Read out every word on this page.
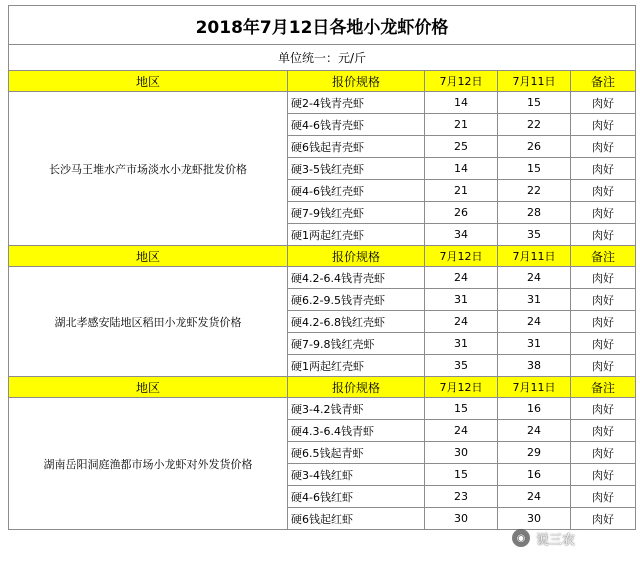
2018年7月12日各地小龙虾价格				
单位统一：元/斤				
地区	报价规格	7月12日	7月11日	备注
长沙马王堆水产市场淡水小龙虾批发价格	硬2-4钱青壳虾	14	15	肉好
	硬4-6钱青壳虾	21	22	肉好
	硬6钱起青壳虾	25	26	肉好
	硬3-5钱红壳虾	14	15	肉好
	硬4-6钱红壳虾	21	22	肉好
	硬7-9钱红壳虾	26	28	肉好
	硬1两起红壳虾	34	35	肉好
地区	报价规格	7月12日	7月11日	备注
湖北孝感安陆地区稻田小龙虾发货价格	硬4.2-6.4钱青壳虾	24	24	肉好
	硬6.2-9.5钱青壳虾	31	31	肉好
	硬4.2-6.8钱红壳虾	24	24	肉好
	硬7-9.8钱红壳虾	31	31	肉好
	硬1两起红壳虾	35	38	肉好
地区	报价规格	7月12日	7月11日	备注
湖南岳阳洞庭渔都市场小龙虾对外发货价格	硬3-4.2钱青虾	15	16	肉好
	硬4.3-6.4钱青虾	24	24	肉好
	硬6.5钱起青虾	30	29	肉好
	硬3-4钱红虾	15	16	肉好
	硬4-6钱红虾	23	24	肉好
	硬6钱起红虾	30	30	肉好
◉ 说三农
